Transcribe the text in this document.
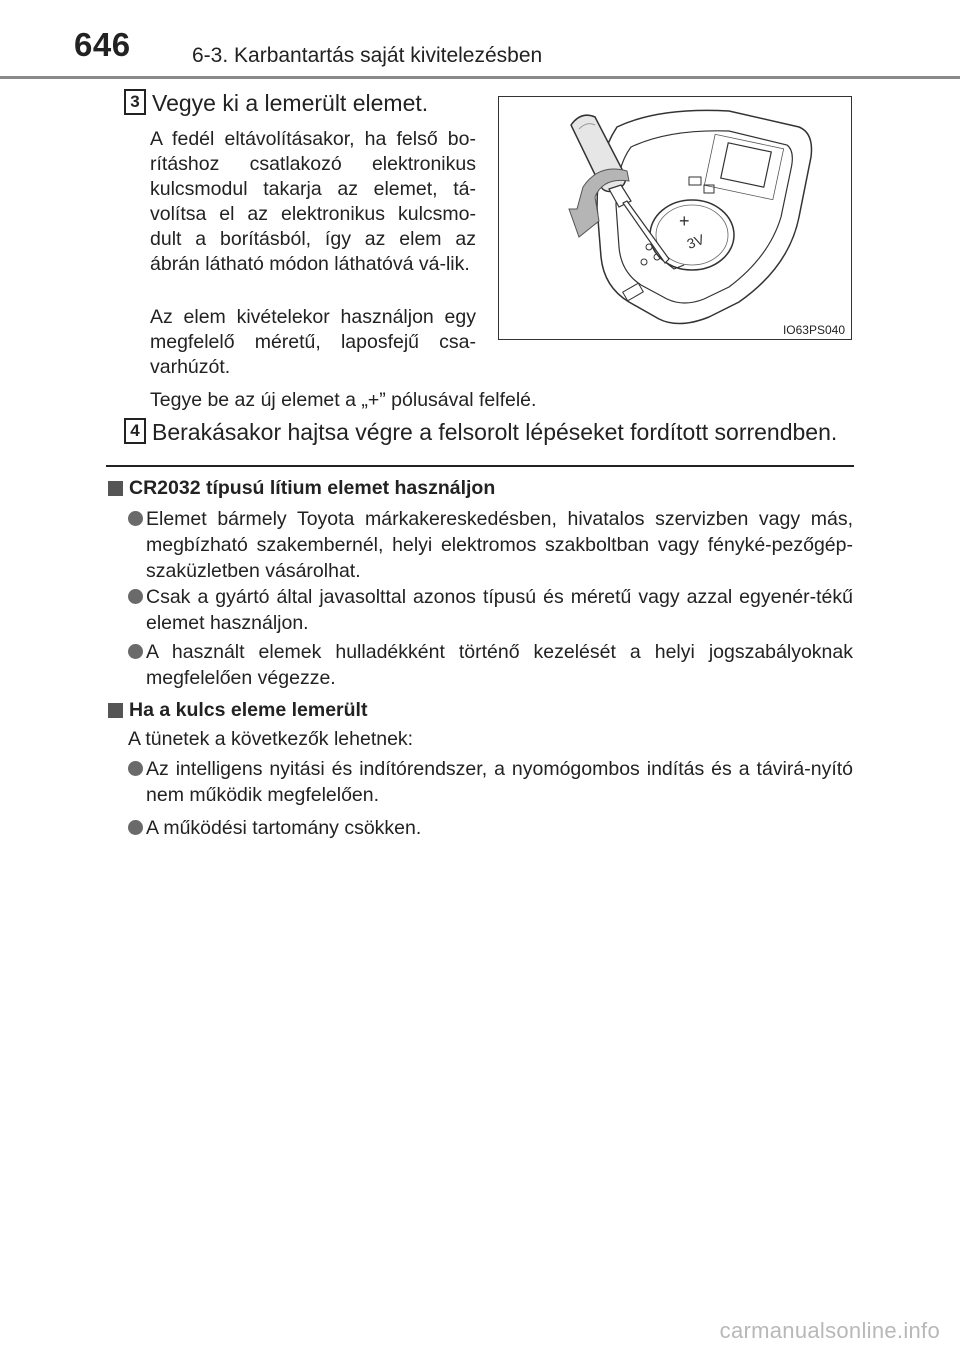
646	6-3. Karbantartás saját kivitelezésben
3 Vegye ki a lemerült elemet.
A fedél eltávolításakor, ha felső bo-rításhoz csatlakozó elektronikus kulcsmodul takarja az elemet, tá-volítsa el az elektronikus kulcsmo-dult a borításból, így az elem az ábrán látható módon láthatóvá vá-lik.
Az elem kivételekor használjon egy megfelelő méretű, laposfejű csa-varhúzót.
Tegye be az új elemet a „+” pólusával felfelé.
+
3V
IO63PS040
4 Berakásakor hajtsa végre a felsorolt lépéseket fordított sorrendben.
CR2032 típusú lítium elemet használjon
Elemet bármely Toyota márkakereskedésben, hivatalos szervizben vagy más, megbízható szakembernél, helyi elektromos szakboltban vagy fényké-pezőgép-szaküzletben vásárolhat.
Csak a gyártó által javasolttal azonos típusú és méretű vagy azzal egyenér-tékű elemet használjon.
A használt elemek hulladékként történő kezelését a helyi jogszabályoknak megfelelően végezze.
Ha a kulcs eleme lemerült
A tünetek a következők lehetnek:
Az intelligens nyitási és indítórendszer, a nyomógombos indítás és a távirá-nyító nem működik megfelelően.
A működési tartomány csökken.
carmanualsonline.info
